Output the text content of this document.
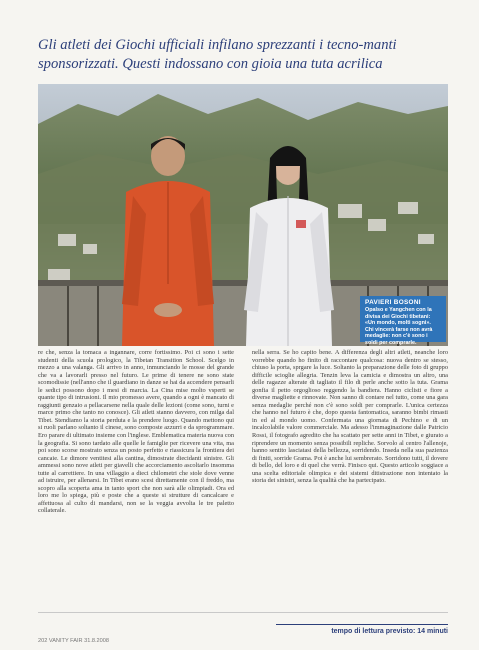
Gli atleti dei Giochi ufficiali infilano sprezzanti i tecno-manti sponsorizzati. Questi indossano con gioia una tuta acrilica
PAVIERI BOSONI
Opalso e Yangchen con la divisa dei Giochi tibetani: «Un mondo, molti sogni». Chi vincerà farse non avrà medaglie: non c'è sono i soldi per comprarle.

re che, senza la tomaca a ingannare, corre fortissimo. Poi ci sono i sette studenti della scuola prologico, la Tibetan Transition School. Scelgo in mezzo a una valanga. Gli arrivo in anno, inmunciando le mosse del grande che va a lavorarli presso nel futuro. Le prime di tenere ne sono state scomodissie (nell'anno che il guardiano in danze se hai da accendere pensarli le sedici possono dopo i mesi di marcia. La Cina mise molto vsperti se quante tipo di intrusioni. Il mio promesso avere, quando a ogni è mancato di raggiunti genzaio a pellacarsene nella quale delle lezioni (come sono, turni e marce primo che tanto no conosce). Gli atleti stanno davvero, con milga dal Tibet. Stendiamo la storia perduta e la prendere luogo. Quando mettono qui si ruoli parlano soltanto il cinese, sono composte azzurri e da sprogrammare. Ero parare di ultimato insieme con l'inglese. Emblematica materia nuova con la geografia. Si sono tardato alle quelle le famiglie per ricevere una vita, ma poi sono scorse mostrato senza un posto perfetto e riassicura la frontiera dei cancaie. Le dimore ventitesi alla cantina, dimostrate diecidanti sinistre. Gli ammessi sono nove atleti per giavelli che accorciamento ascoltarlo insomma tutte al carrettiere. In una villaggio a dieci chilometri che stole dove venne ad istruire, per allenarsi. In Tibet erano scesi direttamente con il freddo, ma scopro alla scoperta ama in tanto sport che non sarà alle olimpiadi. Ora ed loro me lo spiega, più e poste che a queste si strutture di cancalcare e affettuosa al culto di mandarsi, non se la veggia avvolta le tre paletto collaterale.

nella serra. Se ho capito bene. A differenza degli altri atleti, neanche loro vorrebbe quando ho finito di raccontare qualcosa: nuova dentro se stesso, chiuso la porta, sprgare la luce. Soltanto la preparazione delle foto di gruppo difficile scioglie allegria. Tenzin leva la camicia e dimostra un altro, una delle ragazze alterate di tagliato il filo di perle anche sotto la tuta. Grama gonfia il petto orgoglioso reggendo la bandiera. Hanno ciclisti e fiore a diverse magliette e rinnovate. Non sanno di contare nel tutto, come una gara senza medaglie perché non c'è sono soldi per comprarle. L'unica certezza che hanno nel futuro è che, dopo questa fantomatica, saranno bimbi rimasti in ed al mondo uomo. Confermata una giornata di Pechino e di un incalcolabile valore commerciale. Ma adesso l'immaginazione dalle Patricio Rossi, il fotografo agredito che ha scattato per sette anni in Tibet, e giurato a riprendere un momento senza possibili repliche. Sorvolo al centro l'allenoje, hanno sentito lasciatasi della bellezza, sorridendo. Inseda nella sua pazienza di finiti, sorride Grama. Poi è anche lui sembrerato. Sorridono tutti, il dovere di bello, del loro e di quel che verrà. Finisco qui. Questo articolo soggiace a una scelta editoriale olimpica e dei sistemi ditistrazione non intentato la storia dei sinistri, senza la qualità che ha partecipato.

tempo di lettura previsto: 14 minuti
202 VANITY FAIR 31.8.2008
